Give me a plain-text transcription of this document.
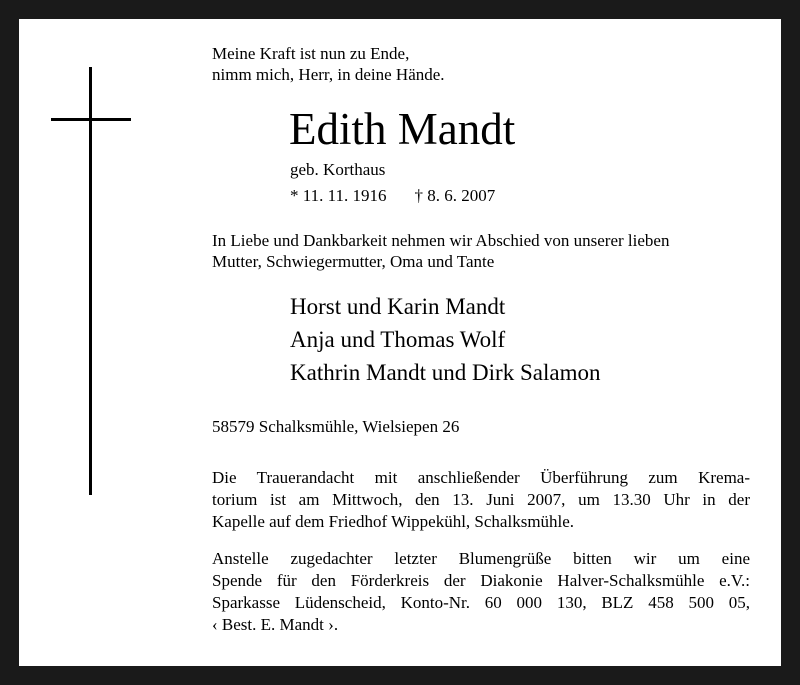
Meine Kraft ist nun zu Ende,
nimm mich, Herr, in deine Hände.
Edith Mandt
geb. Korthaus
* 11. 11. 1916 † 8. 6. 2007
In Liebe und Dankbarkeit nehmen wir Abschied von unserer lieben
Mutter, Schwiegermutter, Oma und Tante
Horst und Karin Mandt
Anja und Thomas Wolf
Kathrin Mandt und Dirk Salamon
58579 Schalksmühle, Wielsiepen 26
Die Trauerandacht mit anschließender Überführung zum Krema-
torium ist am Mittwoch, den 13. Juni 2007, um 13.30 Uhr in der
Kapelle auf dem Friedhof Wippekühl, Schalksmühle.
Anstelle zugedachter letzter Blumengrüße bitten wir um eine
Spende für den Förderkreis der Diakonie Halver-Schalksmühle e.V.:
Sparkasse Lüdenscheid, Konto-Nr. 60 000 130, BLZ 458 500 05,
‹ Best. E. Mandt ›.
